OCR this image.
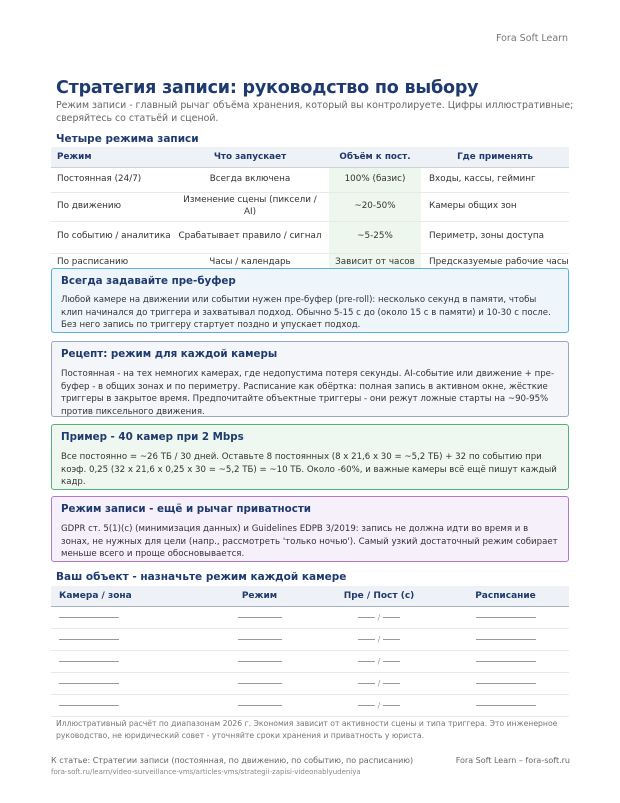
Fora Soft Learn
Стратегия записи: руководство по выбору
Режим записи - главный рычаг объёма хранения, который вы контролируете. Цифры иллюстративные; сверяйтесь со статьёй и сценой.
Четыре режима записи
Режим	Что запускает	Объём к пост.	Где применять
Постоянная (24/7)	Всегда включена	100% (базис)	Входы, кассы, гейминг
По движению	Изменение сцены (пиксели / AI)	~20-50%	Камеры общих зон
По событию / аналитика	Срабатывает правило / сигнал	~5-25%	Периметр, зоны доступа
По расписанию	Часы / календарь	Зависит от часов	Предсказуемые рабочие часы
Всегда задавайте пре-буфер
Любой камере на движении или событии нужен пре-буфер (pre-roll): несколько секунд в памяти, чтобы клип начинался до триггера и захватывал подход. Обычно 5-15 с до (около 15 с в памяти) и 10-30 с после. Без него запись по триггеру стартует поздно и упускает подход.
Рецепт: режим для каждой камеры
Постоянная - на тех немногих камерах, где недопустима потеря секунды. AI-событие или движение + пре-буфер - в общих зонах и по периметру. Расписание как обёртка: полная запись в активном окне, жёсткие триггеры в закрытое время. Предпочитайте объектные триггеры - они режут ложные старты на ~90-95% против пиксельного движения.
Пример - 40 камер при 2 Mbps
Все постоянно = ~26 ТБ / 30 дней. Оставьте 8 постоянных (8 x 21,6 x 30 = ~5,2 ТБ) + 32 по событию при коэф. 0,25 (32 x 21,6 x 0,25 x 30 = ~5,2 ТБ) = ~10 ТБ. Около -60%, и важные камеры всё ещё пишут каждый кадр.
Режим записи - ещё и рычаг приватности
GDPR ст. 5(1)(c) (минимизация данных) и Guidelines EDPB 3/2019: запись не должна идти во время и в зонах, не нужных для цели (напр., рассмотреть 'только ночью'). Самый узкий достаточный режим собирает меньше всего и проще обосновывается.
Ваш объект - назначьте режим каждой камере
Камера / зона	Режим	Пре / Пост (с)	Расписание
		/	
		/	
		/	
		/	
		/	
Иллюстративный расчёт по диапазонам 2026 г. Экономия зависит от активности сцены и типа триггера. Это инженерное руководство, не юридический совет - уточняйте сроки хранения и приватность у юриста.
К статье: Стратегии записи (постоянная, по движению, по событию, по расписанию)
fora-soft.ru/learn/video-surveillance-vms/articles-vms/strategii-zapisi-videonablyudeniya
Fora Soft Learn – fora-soft.ru
